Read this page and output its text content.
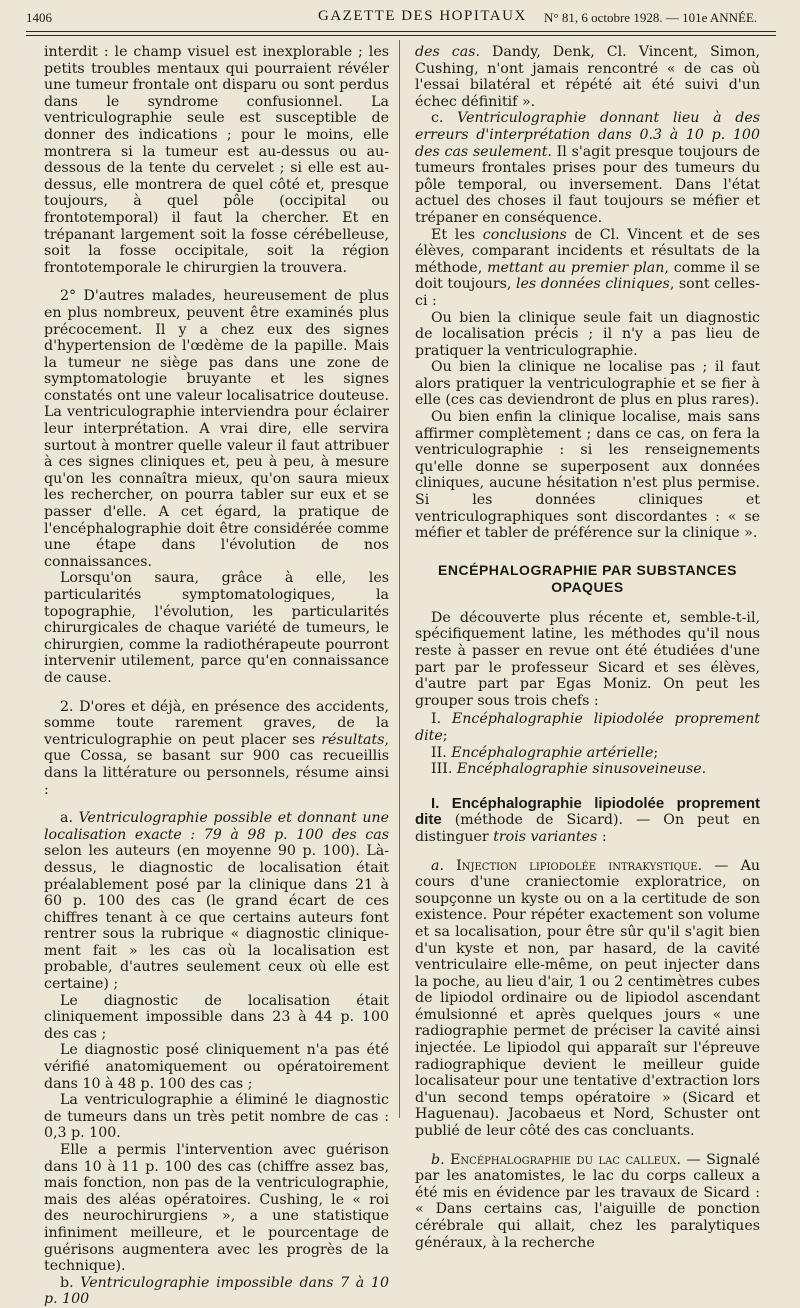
1406	GAZETTE DES HOPITAUX N° 81, 6 octobre 1928. — 101e ANNÉE.

interdit : le champ visuel est inexplorable ; les petits troubles mentaux qui pourraient révéler une tumeur frontale ont disparu ou sont perdus dans le syndrome confusionnel. La ventriculographie seule est susceptible de donner des indications ; pour le moins, elle montrera si la tumeur est au-dessus ou au-dessous de la tente du cervelet ; si elle est au-dessus, elle montrera de quel côté et, presque toujours, à quel pôle (occipital ou frontotemporal) il faut la chercher. Et en trépanant largement soit la fosse cérébelleuse, soit la fosse occipitale, soit la région frontotemporale le chirurgien la trouvera.

2° D'autres malades, heureusement de plus en plus nombreux, peuvent être examinés plus précocement. Il y a chez eux des signes d'hypertension de l'œdème de la papille. Mais la tumeur ne siège pas dans une zone de symptomatologie bruyante et les signes constatés ont une valeur localisatrice douteuse. La ventriculographie interviendra pour éclairer leur interprétation. A vrai dire, elle servira surtout à montrer quelle valeur il faut attribuer à ces signes cliniques et, peu à peu, à mesure qu'on les connaîtra mieux, qu'on saura mieux les rechercher, on pourra tabler sur eux et se passer d'elle. A cet égard, la pratique de l'encéphalographie doit être considérée comme une étape dans l'évolution de nos connaissances.

Lorsqu'on saura, grâce à elle, les particularités symptomatologiques, la topographie, l'évolution, les particularités chirurgicales de chaque variété de tumeurs, le chirurgien, comme la radiothérapeute pourront intervenir utilement, parce qu'en connaissance de cause.

2. D'ores et déjà, en présence des accidents, somme toute rarement graves, de la ventriculographie on peut placer ses résultats, que Cossa, se basant sur 900 cas recueillis dans la littérature ou personnels, résume ainsi :

a. Ventriculographie possible et donnant une localisation exacte : 79 à 98 p. 100 des cas selon les auteurs (en moyenne 90 p. 100). Là-dessus, le diagnostic de localisation était préalablement posé par la clinique dans 21 à 60 p. 100 des cas (le grand écart de ces chiffres tenant à ce que certains auteurs font rentrer sous la rubrique « diagnostic clinique-ment fait » les cas où la localisation est probable, d'autres seulement ceux où elle est certaine) ;

Le diagnostic de localisation était cliniquement impossible dans 23 à 44 p. 100 des cas ;

Le diagnostic posé cliniquement n'a pas été vérifié anatomiquement ou opératoirement dans 10 à 48 p. 100 des cas ;

La ventriculographie a éliminé le diagnostic de tumeurs dans un très petit nombre de cas : 0,3 p. 100.

Elle a permis l'intervention avec guérison dans 10 à 11 p. 100 des cas (chiffre assez bas, mais fonction, non pas de la ventriculographie, mais des aléas opératoires. Cushing, le « roi des neurochirurgiens », a une statistique infiniment meilleure, et le pourcentage de guérisons augmentera avec les progrès de la technique).

b. Ventriculographie impossible dans 7 à 10 p. 100

des cas. Dandy, Denk, Cl. Vincent, Simon, Cushing, n'ont jamais rencontré « de cas où l'essai bilatéral et répété ait été suivi d'un échec définitif ».

c. Ventriculographie donnant lieu à des erreurs d'interprétation dans 0.3 à 10 p. 100 des cas seulement. Il s'agit presque toujours de tumeurs frontales prises pour des tumeurs du pôle temporal, ou inversement. Dans l'état actuel des choses il faut toujours se méfier et trépaner en conséquence.

Et les conclusions de Cl. Vincent et de ses élèves, comparant incidents et résultats de la méthode, mettant au premier plan, comme il se doit toujours, les données cliniques, sont celles-ci :

Ou bien la clinique seule fait un diagnostic de localisation précis ; il n'y a pas lieu de pratiquer la ventriculographie.

Ou bien la clinique ne localise pas ; il faut alors pratiquer la ventriculographie et se fier à elle (ces cas deviendront de plus en plus rares).

Ou bien enfin la clinique localise, mais sans affirmer complètement ; dans ce cas, on fera la ventriculographie : si les renseignements qu'elle donne se superposent aux données cliniques, aucune hésitation n'est plus permise. Si les données cliniques et ventriculographiques sont discordantes : « se méfier et tabler de préférence sur la clinique ».

ENCÉPHALOGRAPHIE PAR SUBSTANCES OPAQUES

De découverte plus récente et, semble-t-il, spécifiquement latine, les méthodes qu'il nous reste à passer en revue ont été étudiées d'une part par le professeur Sicard et ses élèves, d'autre part par Egas Moniz. On peut les grouper sous trois chefs :

I. Encéphalographie lipiodolée proprement dite;

II. Encéphalographie artérielle;

III. Encéphalographie sinusoveineuse.

I. Encéphalographie lipiodolée proprement dite (méthode de Sicard). — On peut en distinguer trois variantes :

a. Injection lipiodolée intrakystique. — Au cours d'une craniectomie exploratrice, on soupçonne un kyste ou on a la certitude de son existence. Pour répéter exactement son volume et sa localisation, pour être sûr qu'il s'agit bien d'un kyste et non, par hasard, de la cavité ventriculaire elle-même, on peut injecter dans la poche, au lieu d'air, 1 ou 2 centimètres cubes de lipiodol ordinaire ou de lipiodol ascendant émulsionné et après quelques jours « une radiographie permet de préciser la cavité ainsi injectée. Le lipiodol qui apparaît sur l'épreuve radiographique devient le meilleur guide localisateur pour une tentative d'extraction lors d'un second temps opératoire » (Sicard et Haguenau). Jacobaeus et Nord, Schuster ont publié de leur côté des cas concluants.

b. Encéphalographie du lac calleux. — Signalé par les anatomistes, le lac du corps calleux a été mis en évidence par les travaux de Sicard : « Dans certains cas, l'aiguille de ponction cérébrale qui allait, chez les paralytiques généraux, à la recherche
